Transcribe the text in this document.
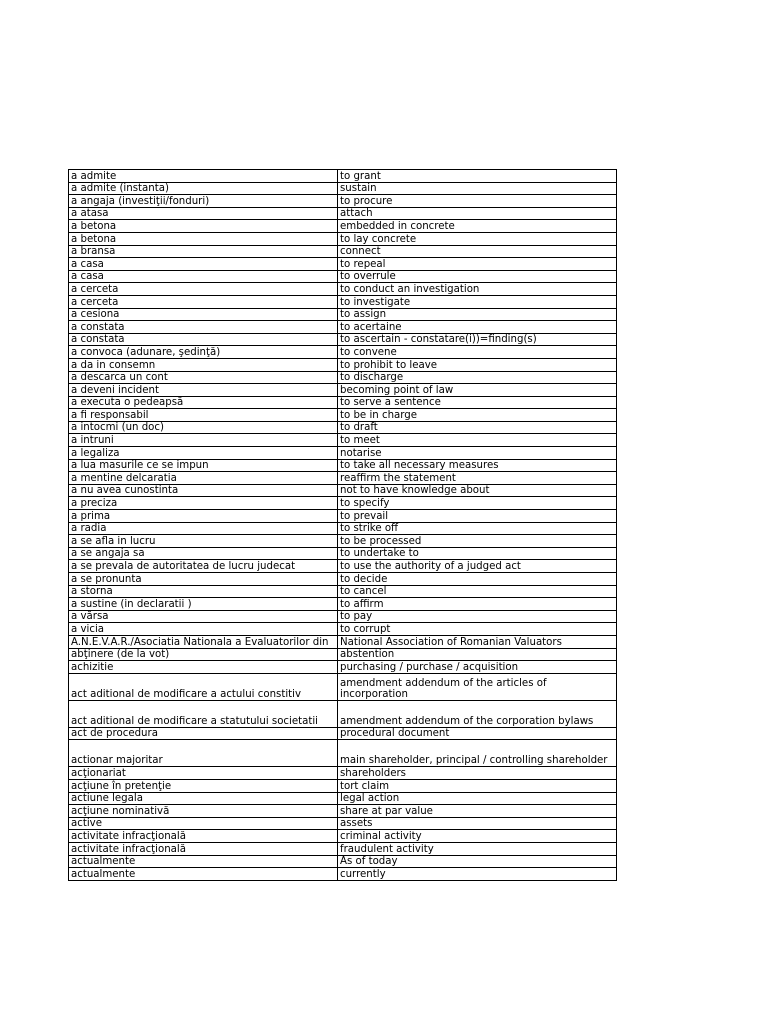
a admite	to grant
a admite (instanta)	sustain
a angaja (investiţii/fonduri)	to procure
a atasa	attach
a betona	embedded in concrete
a betona	to lay concrete
a bransa	connect
a casa	to repeal
a casa	to overrule
a cerceta	to conduct an investigation
a cerceta	to investigate
a cesiona	to assign
a constata	to acertaine
a constata	to ascertain - constatare(i))=finding(s)
a convoca (adunare, şedinţă)	to convene
a da in consemn	to prohibit to leave
a descarca un cont	to discharge
a deveni incident	becoming point of law
a executa o pedeapsă	to serve a sentence
a fi responsabil	to be in charge
a intocmi (un doc)	to draft
a intruni	to meet
a legaliza	notarise
a lua masurile ce se impun	to take all necessary measures
a mentine delcaratia	reaffirm the statement
a nu avea cunostinta	not to have knowledge about
a preciza	to specify
a prima	to prevail
a radia	to strike off
a se afla in lucru	to be processed
a se angaja sa	to undertake to
a se prevala de autoritatea de lucru judecat	to use the authority of a judged act
a se pronunta	to decide
a storna	to cancel
a sustine (in declaratii )	to affirm
a vărsa	to pay
a vicia	to corrupt
A.N.E.V.A.R./Asociatia Nationala a Evaluatorilor din	National Association of Romanian Valuators
abţinere (de la vot)	abstention
achizitie	purchasing / purchase / acquisition
act aditional de modificare a actului constitiv	amendment addendum of the articles of incorporation
act aditional de modificare a statutului societatii	amendment addendum of the corporation bylaws
act de procedura	procedural document
actionar majoritar	main shareholder, principal / controlling shareholder
acţionariat	shareholders
acţiune în pretenţie	tort claim
actiune legala	legal action
acţiune nominativă	share at par value
active	assets
activitate infracţională	criminal activity
activitate infracţională	fraudulent activity
actualmente	As of today
actualmente	currently
